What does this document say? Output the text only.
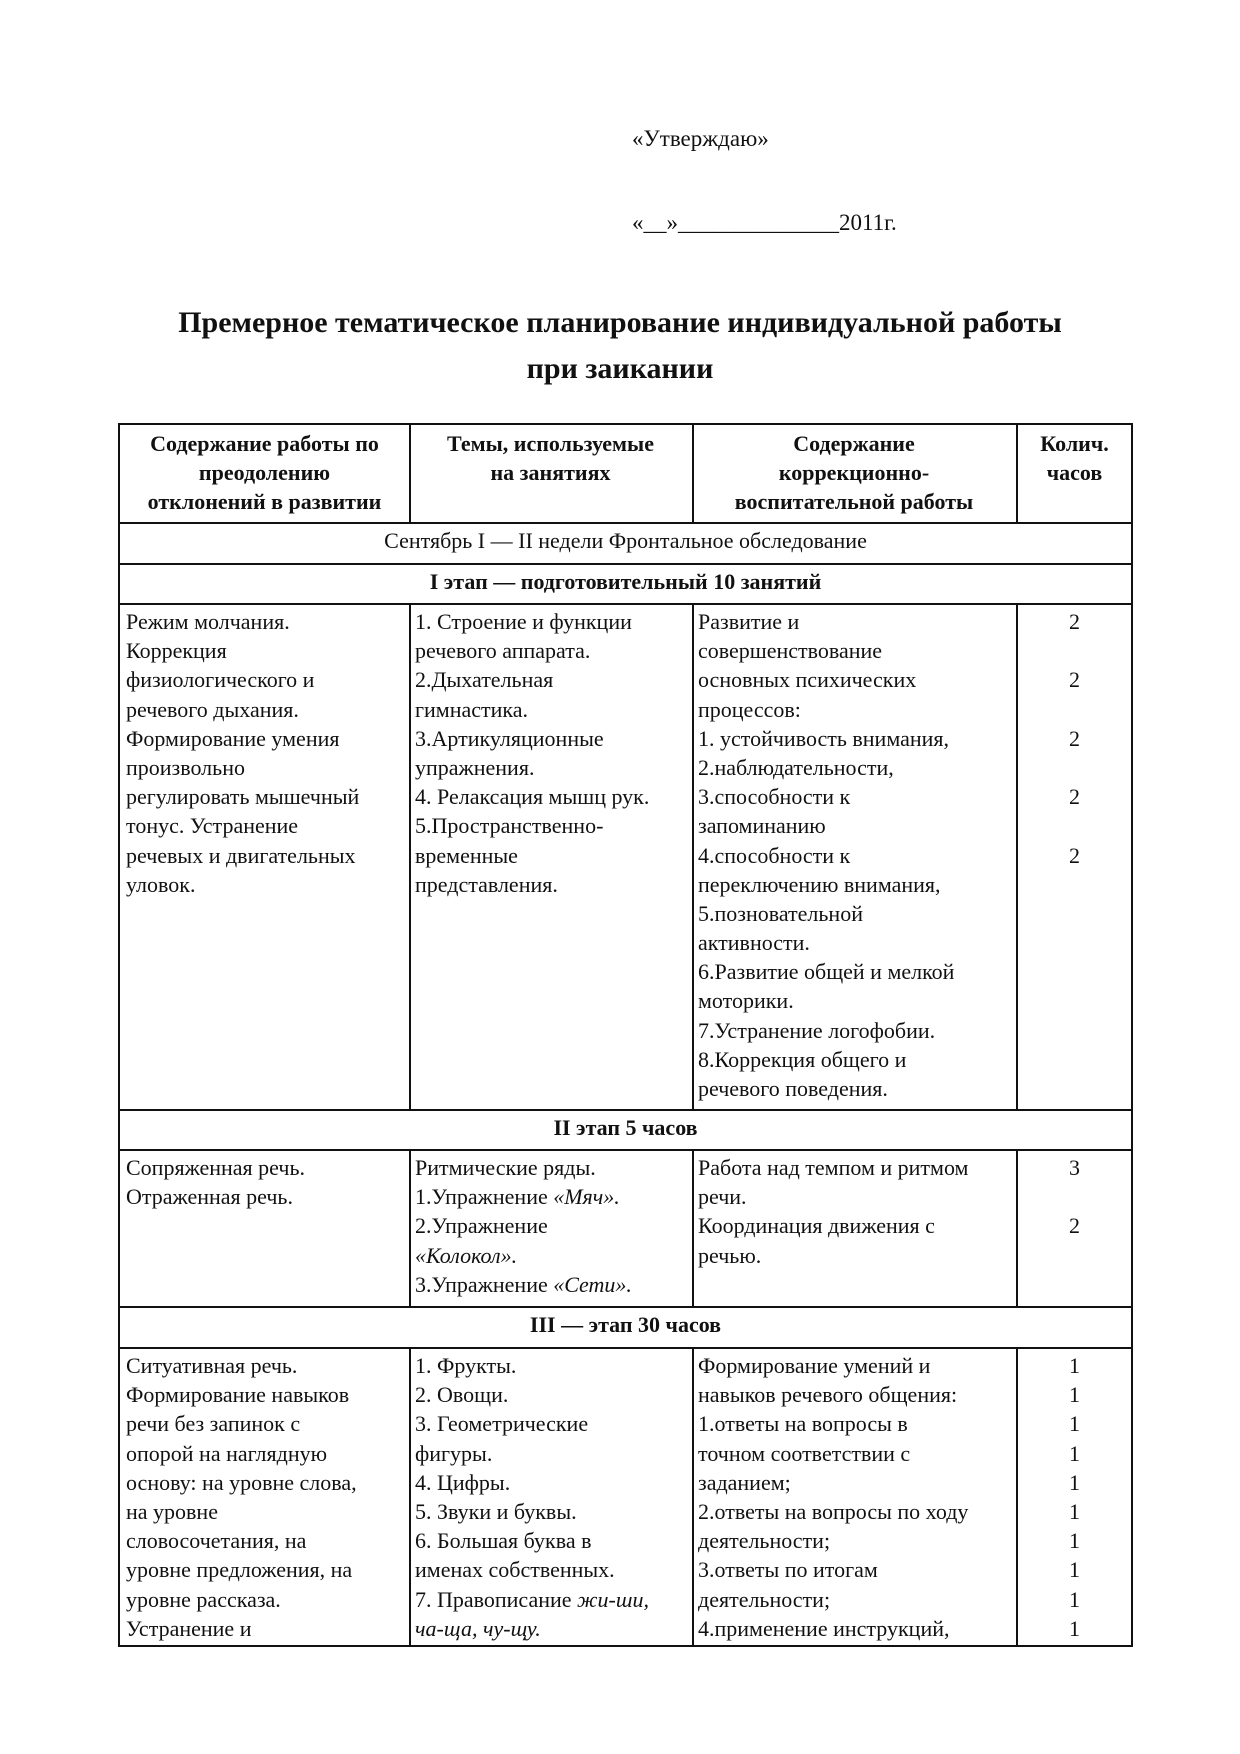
«Утверждаю»
«__»______________2011г.
Премерное тематическое планирование индивидуальной работы
при заикании
Содержание работы по
преодолению
отклонений в развитии
Темы, используемые
на занятиях
Содержание
коррекционно-
воспитательной работы
Колич.
часов
Сентябрь I — II недели Фронтальное обследование
I этап — подготовительный 10 занятий
Режим молчания.
Коррекция
физиологического и
речевого дыхания.
Формирование умения
произвольно
регулировать мышечный
тонус. Устранение
речевых и двигательных
уловок.
1. Строение и функции
речевого аппарата.
2.Дыхательная
гимнастика.
3.Артикуляционные
упражнения.
4. Релаксация мышц рук.
5.Пространственно-
временные
представления.
Развитие и
совершенствование
основных психических
процессов:
1. устойчивость внимания,
2.наблюдательности,
3.способности к
запоминанию
4.способности к
переключению внимания,
5.позновательной
активности.
6.Развитие общей и мелкой
моторики.
7.Устранение логофобии.
8.Коррекция общего и
речевого поведения.
2
2
2
2
2
II этап 5 часов
Сопряженная речь.
Отраженная речь.
Ритмические ряды.
1.Упражнение «Мяч».
2.Упражнение
«Колокол».
3.Упражнение «Сети».
Работа над темпом и ритмом
речи.
Координация движения с
речью.
3
2
III — этап 30 часов
Ситуативная речь.
Формирование навыков
речи без запинок с
опорой на наглядную
основу: на уровне слова,
на уровне
словосочетания, на
уровне предложения, на
уровне рассказа.
Устранение и
1. Фрукты.
2. Овощи.
3. Геометрические
фигуры.
4. Цифры.
5. Звуки и буквы.
6. Большая буква в
именах собственных.
7. Правописание жи-ши,
ча-ща, чу-щу.
Формирование умений и
навыков речевого общения:
1.ответы на вопросы в
точном соответствии с
заданием;
2.ответы на вопросы по ходу
деятельности;
3.ответы по итогам
деятельности;
4.применение инструкций,
1
1
1
1
1
1
1
1
1
1
